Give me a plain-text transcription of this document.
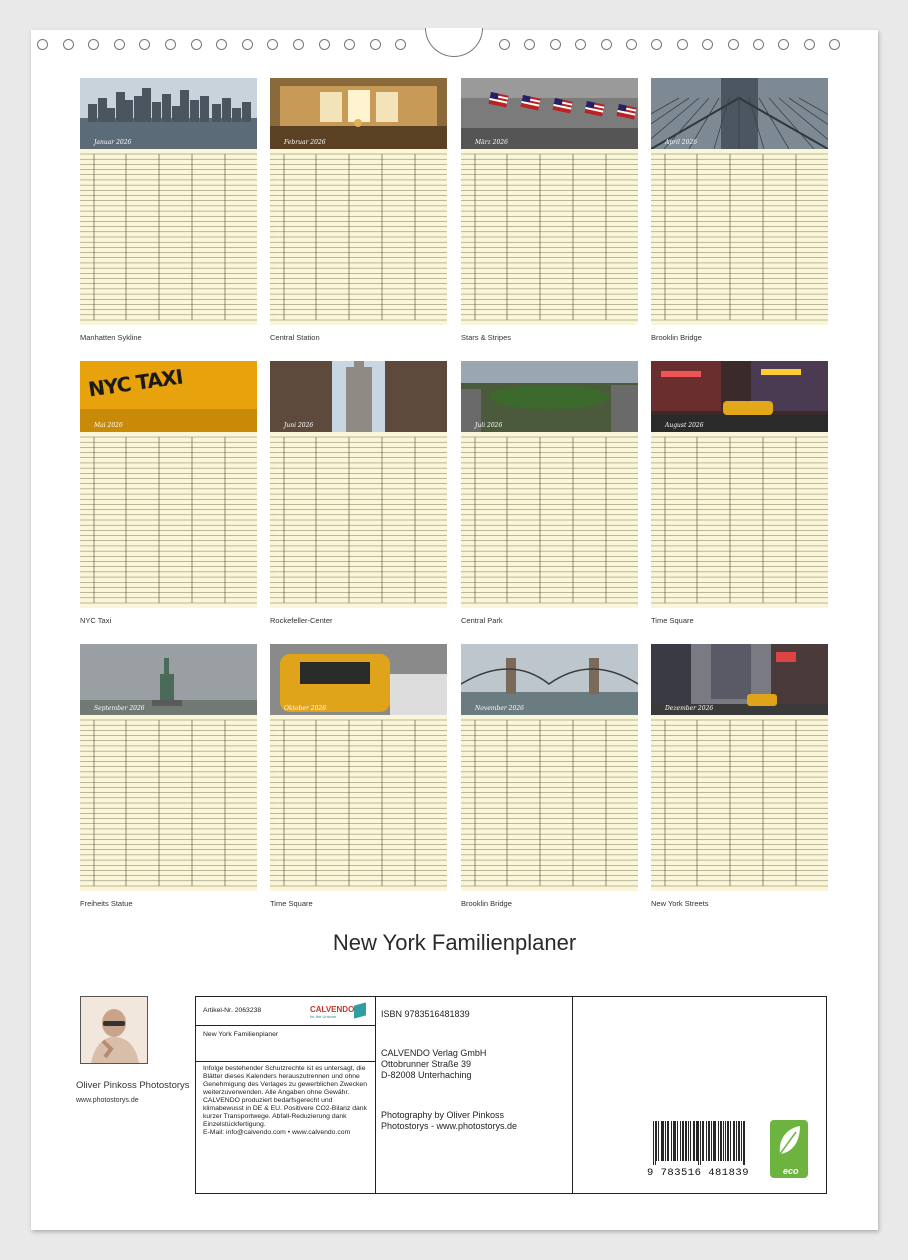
Januar 2026
·
·
·
·
·
·
·
·
·
·
·
·
·
·
·
·
·
·
·
·
·
·
·
·
·
·
·
·
·
·
·
·
Manhatten Sykline
Februar 2026
·
·
·
·
·
·
·
·
·
·
·
·
·
·
·
·
·
·
·
·
·
·
·
·
·
·
·
·
·
·
·
·
Central Station
März 2026
·
·
·
·
·
·
·
·
·
·
·
·
·
·
·
·
·
·
·
·
·
·
·
·
·
·
·
·
·
·
·
·
Stars & Stripes
April 2026
·
·
·
·
·
·
·
·
·
·
·
·
·
·
·
·
·
·
·
·
·
·
·
·
·
·
·
·
·
·
·
·
Brooklin Bridge
NYC TAXI
Mai 2026
·
·
·
·
·
·
·
·
·
·
·
·
·
·
·
·
·
·
·
·
·
·
·
·
·
·
·
·
·
·
·
·
NYC Taxi
Juni 2026
·
·
·
·
·
·
·
·
·
·
·
·
·
·
·
·
·
·
·
·
·
·
·
·
·
·
·
·
·
·
·
·
Rockefeller-Center
Juli 2026
·
·
·
·
·
·
·
·
·
·
·
·
·
·
·
·
·
·
·
·
·
·
·
·
·
·
·
·
·
·
·
·
Central Park
August 2026
·
·
·
·
·
·
·
·
·
·
·
·
·
·
·
·
·
·
·
·
·
·
·
·
·
·
·
·
·
·
·
·
Time Square
September 2026
·
·
·
·
·
·
·
·
·
·
·
·
·
·
·
·
·
·
·
·
·
·
·
·
·
·
·
·
·
·
·
·
Freiheits Statue
Oktober 2026
·
·
·
·
·
·
·
·
·
·
·
·
·
·
·
·
·
·
·
·
·
·
·
·
·
·
·
·
·
·
·
·
Time Square
November 2026
·
·
·
·
·
·
·
·
·
·
·
·
·
·
·
·
·
·
·
·
·
·
·
·
·
·
·
·
·
·
·
·
Brooklin Bridge
Dezember 2026
·
·
·
·
·
·
·
·
·
·
·
·
·
·
·
·
·
·
·
·
·
·
·
·
·
·
·
·
·
·
·
·
New York Streets
New York Familienplaner
Oliver Pinkoss Photostorys
www.photostorys.de
Artikel-Nr. 2063238	CALVENDO
for the Unicorn
New York Familienplaner
Infolge bestehender Schutzrechte ist es untersagt, die Blätter dieses Kalenders herauszutrennen und ohne Genehmigung des Verlages zu gewerblichen Zwecken weiterzuverwenden. Alle Angaben ohne Gewähr.
CALVENDO produziert bedarfsgerecht und klimabewusst in DE & EU. Positivere CO2-Bilanz dank kurzer Transportwege. Abfall-Reduzierung dank Einzelstückfertigung.
E-Mail: info@calvendo.com • www.calvendo.com
ISBN 9783516481839
CALVENDO Verlag GmbH
Ottobrunner Straße 39
D-82008 Unterhaching
Photography by Oliver Pinkoss Photostorys - www.photostorys.de
9 783516 481839	eco
